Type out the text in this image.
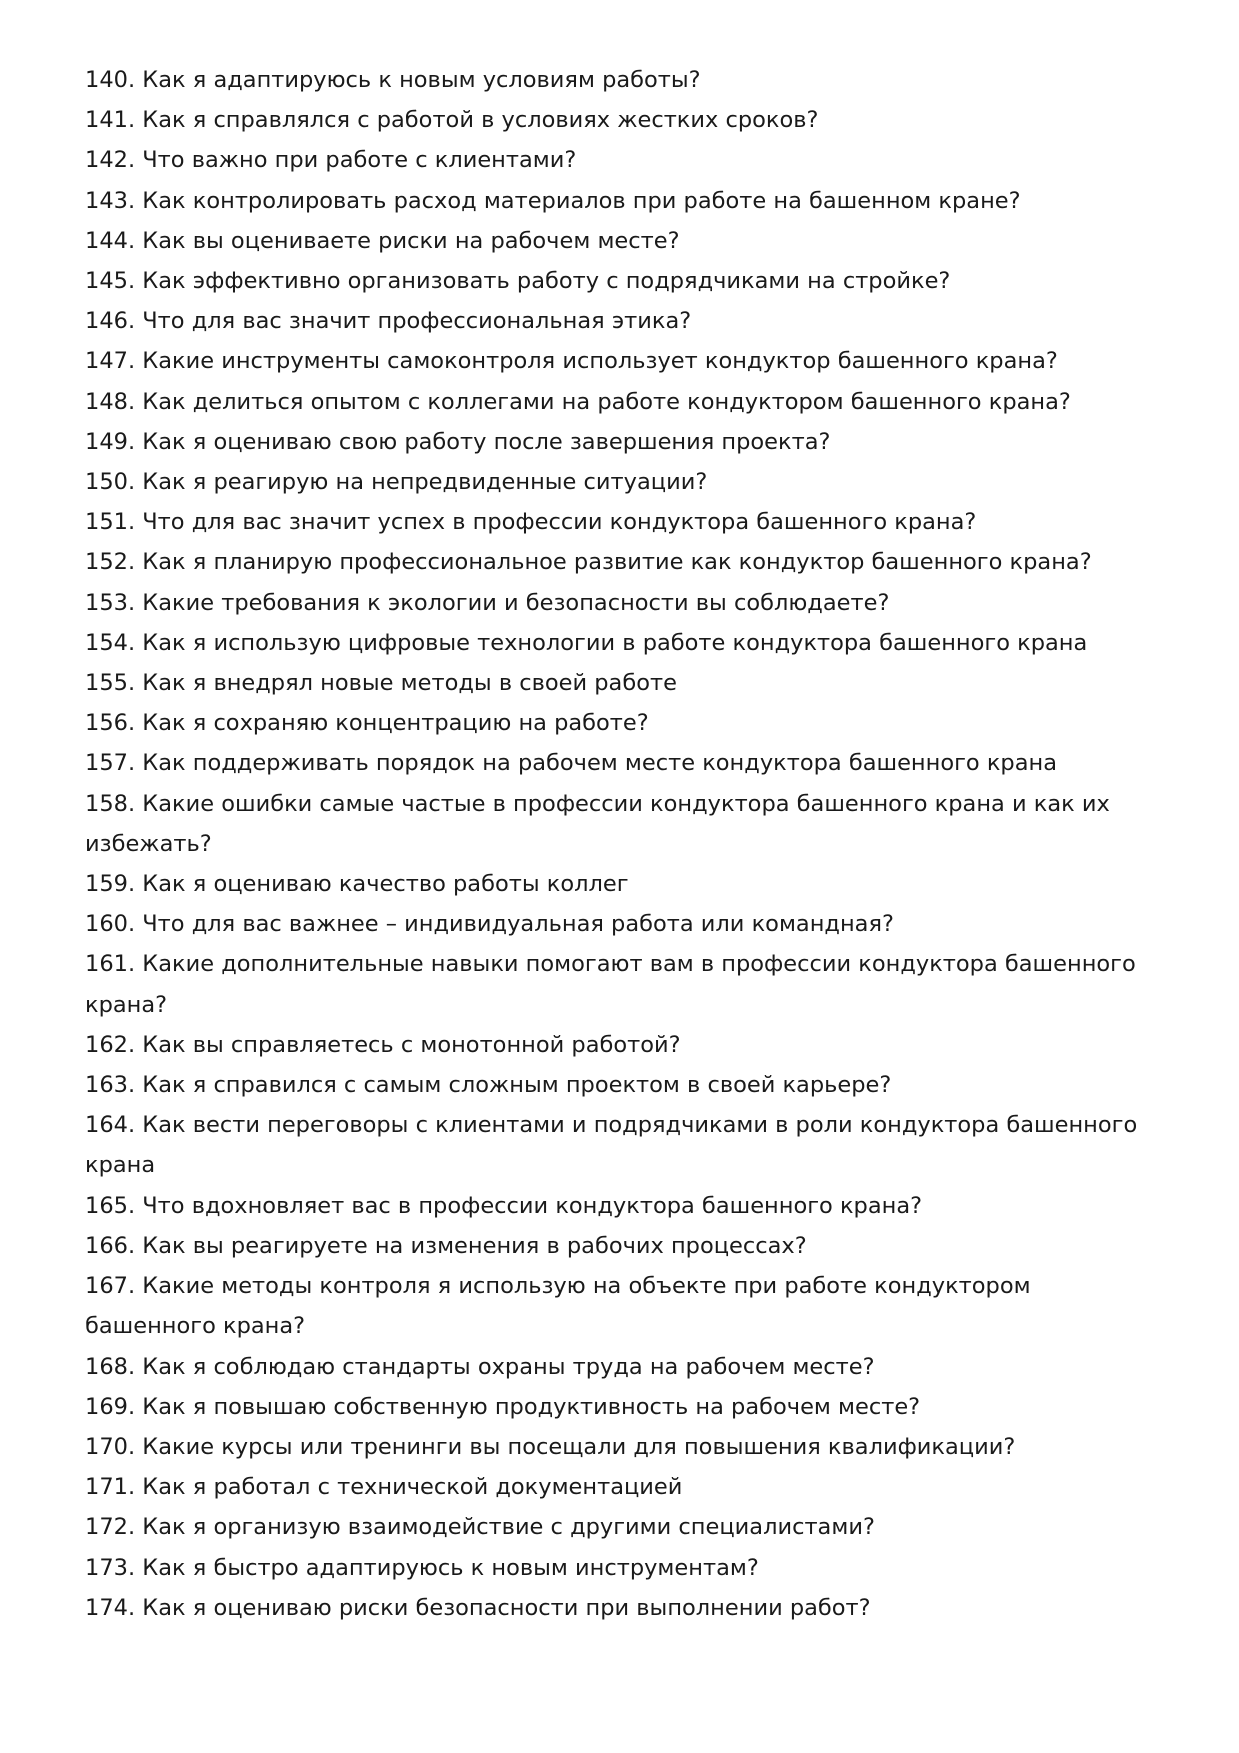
140. Как я адаптируюсь к новым условиям работы?
141. Как я справлялся с работой в условиях жестких сроков?
142. Что важно при работе с клиентами?
143. Как контролировать расход материалов при работе на башенном кране?
144. Как вы оцениваете риски на рабочем месте?
145. Как эффективно организовать работу с подрядчиками на стройке?
146. Что для вас значит профессиональная этика?
147. Какие инструменты самоконтроля использует кондуктор башенного крана?
148. Как делиться опытом с коллегами на работе кондуктором башенного крана?
149. Как я оцениваю свою работу после завершения проекта?
150. Как я реагирую на непредвиденные ситуации?
151. Что для вас значит успех в профессии кондуктора башенного крана?
152. Как я планирую профессиональное развитие как кондуктор башенного крана?
153. Какие требования к экологии и безопасности вы соблюдаете?
154. Как я использую цифровые технологии в работе кондуктора башенного крана
155. Как я внедрял новые методы в своей работе
156. Как я сохраняю концентрацию на работе?
157. Как поддерживать порядок на рабочем месте кондуктора башенного крана
158. Какие ошибки самые частые в профессии кондуктора башенного крана и как их избежать?
159. Как я оцениваю качество работы коллег
160. Что для вас важнее – индивидуальная работа или командная?
161. Какие дополнительные навыки помогают вам в профессии кондуктора башенного крана?
162. Как вы справляетесь с монотонной работой?
163. Как я справился с самым сложным проектом в своей карьере?
164. Как вести переговоры с клиентами и подрядчиками в роли кондуктора башенного крана
165. Что вдохновляет вас в профессии кондуктора башенного крана?
166. Как вы реагируете на изменения в рабочих процессах?
167. Какие методы контроля я использую на объекте при работе кондуктором башенного крана?
168. Как я соблюдаю стандарты охраны труда на рабочем месте?
169. Как я повышаю собственную продуктивность на рабочем месте?
170. Какие курсы или тренинги вы посещали для повышения квалификации?
171. Как я работал с технической документацией
172. Как я организую взаимодействие с другими специалистами?
173. Как я быстро адаптируюсь к новым инструментам?
174. Как я оцениваю риски безопасности при выполнении работ?
